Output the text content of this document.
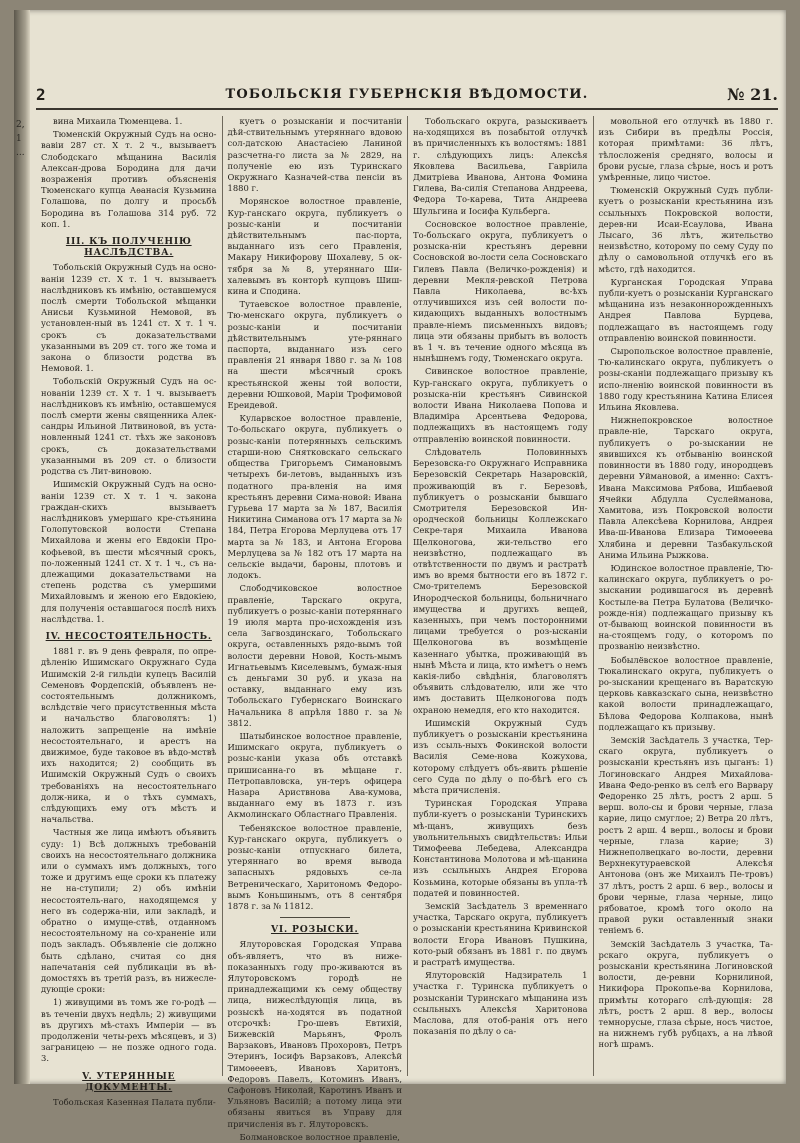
2,
1
...
2	ТОБОЛЬСКІЯ ГУБЕРНСКІЯ ВѢДОМОСТИ.	№ 21.

вина Михаила Тюменцева. 1.

Тюменскій Окружный Судъ на осно-вавіи 287 ст. Х т. 2 ч., вызываетъ Слободскаго мѣщанина Василія Алексан-дрова Бородина для дачи возраженія противъ объясненія Тюменскаго купца Аѳанасія Кузьмина Голашова, по долгу и просьбѣ Бородина въ Голашова 314 руб. 72 коп. 1.

III. КЪ ПОЛУЧЕНІЮ НАСЛѢДСТВА.

Тобольскій Окружный Судъ на осно-ваніи 1239 ст. Х т. 1 ч. вызываетъ наслѣдниковъ къ имѣнію, оставшемуся послѣ смерти Тобольской мѣщанки Анисьи Кузьминой Немовой, въ установлен-ный въ 1241 ст. Х т. 1 ч. срокъ съ доказательствами указанными въ 209 ст. того же тома и закона о близости родства въ Немовой. 1.

Тобольскій Окружный Судъ на ос-нованіи 1239 ст. Х т. 1 ч. вызываетъ наслѣдниковъ къ имѣнію, оставшемуся послѣ смерти жены священника Алек-сандры Ильиной Литвиновой, въ уста-новленный 1241 ст. тѣхъ же законовъ срокъ, съ доказательствами указанными въ 209 ст. о близости родства съ Лит-виновою.

Ишимскій Окружный Судъ на осно-ваніи 1239 ст. Х т. 1 ч. закона граждан-скихъ вызываетъ наслѣдниковъ умершаго кре-стьянина Голопутовской волости Степана Михайлова и жены его Евдокіи Про-кофьевой, въ шести мѣсячный срокъ, по-ложенный 1241 ст. Х т. 1 ч., съ на-длежащими доказательствами на степень родства съ умершими Михайловымъ и женою его Евдокіею, для полученія оставшагося послѣ нихъ наслѣдства. 1.

IV. НЕСОСТОЯТЕЛЬНОСТЬ.

1881 г. въ 9 день февраля, по опре-дѣленію Ишимскаго Окружнаго Суда Ишимскій 2-й гильдіи купецъ Василій Семеновъ Фордепскій, объявленъ не-состоятельнымъ должникомъ, вслѣдствіе чего присутственныя мѣста и начальство благоволятъ: 1) наложить запрещеніе на имѣніе несостоятельнаго, и арестъ на движимое, буде таковое въ вѣдо-мствѣ ихъ находится; 2) сообщить въ Ишимскій Окружный Судъ о своихъ требованіяхъ на несостоятельнаго долж-ника, и о тѣхъ суммахъ, слѣдующихъ ему отъ мѣстъ и начальства.

Частныя же лица имѣютъ объявить суду: 1) Всѣ должныхъ требованій своихъ на несостоятельнаго должника или о суммахъ имъ должныхъ, того тоже и другимъ еще сроки къ платежу не на-ступили; 2) объ имѣніи несостоятель-наго, находящемся у него въ содержа-ніи, или закладѣ, и обратно о имуще-ствѣ, отданномъ несостоятельному на со-храненіе или подъ закладъ. Объявленіе сіе должно быть сдѣлано, считая со дня напечатанія сей публикаціи въ вѣ-домостяхъ въ третій разъ, въ нижесле-дующіе сроки:

1) живущими въ томъ же го-родѣ — въ теченіи двухъ недѣль; 2) живущими въ другихъ мѣ-стахъ Имперіи — въ продолженіи четы-рехъ мѣсяцевъ, и 3) заграницею — не позже одного года. 3.

V. УТЕРЯННЫЕ ДОКУМЕНТЫ.

Тобольская Казенная Палата публи-

куетъ о розысканіи и посчитаніи дѣй-ствительнымъ утеряннаго вдовою сол-датскою Анастасіею Ланиной разсчетна-го листа за № 2829, на полученіе ею изъ Туринскаго Окружнаго Казначей-ства пенсіи въ 1880 г.

Морянское волостное правленіе, Кур-ганскаго округа, публикуетъ о розыс-каніи и посчитаніи дѣйствительнымъ пас-порта, выданнаго изъ сего Правленія, Макару Никифорову Шохалеву, 5 ок-тября за № 8, утеряннаго Ши-халевымъ въ конторѣ купцовъ Шиш-кина и Сподина.

Тутаевское волостное правленіе, Тю-менскаго округа, публикуетъ о розыс-каніи и посчитаніи дѣйствительнымъ уте-ряннаго паспорта, выданнаго изъ сего правленія 21 января 1880 г. за № 108 на шести мѣсячный срокъ крестьянской жены той волости, деревни Юшковой, Маріи Трофимовой Ереидевой.

Куларвское волостное правленіе, То-больскаго округа, публикуетъ о розыс-каніи потерянныхъ сельскимъ старши-ною Снятковскаго сельскаго общества Григорьемъ Симановымъ четырехъ би-летовъ, выданныхъ изъ податного пра-вленія на имя крестьянъ деревни Сима-новой: Ивана Гурьева 17 марта за № 187, Василія Никитина Симанова отъ 17 марта за № 184, Петра Егорова Мерлуцева отъ 17 марта за № 183, и Антона Егорова Мерлуцева за № 182 отъ 17 марта на сельскіе выдачи, бароны, плотовъ и лодокъ.

Слободчиковское волостное правленіе, Тарскаго округа, публикуетъ о розыс-каніи потеряннаго 19 июля марта про-исхожденія изъ села Загвоздинскаго, Тобольскаго округа, оставленныхъ рядо-вымъ той волости деревни Новой, Кость-мымъ Игнатьевымъ Киселевымъ, бумаж-ныя съ деньгами 30 руб. и указа на оставку, выданнаго ему изъ Тобольскаго Губернскаго Воинскаго Начальника 8 апрѣля 1880 г. за № 3812.

Шатыбинское волостное правленіе, Ишимскаго округа, публикуетъ о розыс-каніи указа объ отставкѣ пришисанна-го въ мѣщане г. Петропавловска, ун-теръ офицера Назара Ариствнова Ава-кумова, выданнаго ему въ 1873 г. изъ Акмолинскаго Областнаго Правленія.

Тебенякское волостное правленіе, Кур-ганскаго округа, публикуетъ о розыс-каніи отпускнаго билета, утеряннаго во время вывода запасныхъ рядовыхъ се-ла Ветреническаго, Харитономъ Федоро-вымъ Коньшинымъ, отъ 8 сентября 1878 г. за № 11812.

VI. РОЗЫСКИ.

Ялуторовская Городская Управа объ-являетъ, что въ ниже-показанныхъ году про-живаются въ Ялуторовскомъ городѣ не принадлежащими къ сему обществу лица, нижеслѣдующія лица, въ розыскѣ на-ходятся въ податной отсрочкѣ: Гро-шевъ Евтихій, Бижевскій Марьянъ, Фролъ Варзаковъ, Ивановъ Прохоровъ, Петръ Этеринъ, Іосифъ Варзаковъ, Алексѣй Тимоѳеевъ, Ивановъ Харитонъ, Федоровъ Павелъ, Котоминъ Иванъ, Сафоновъ Николай, Каротинъ Иванъ и Ульяновъ Василій; а потому лица эти обязаны явиться въ Управу для причисленія въ г. Ялуторовскъ.

Болмановское волостное правленіе,

Тобольскаго округа, разыскиваетъ на-ходящихся въ позабытой отлучкѣ въ причисленныхъ къ волостямъ: 1881 г. слѣдующихъ лицъ: Алексѣя Яковлева Васильева, Гавріила Дмитріева Иванова, Антона Фомина Гилева, Ва-силія Степанова Андреева, Федора То-карева, Тита Андреева Шульгина и Іосифа Кульберга.

Сосновское волостное правленіе, То-больскаго округа, публикуетъ о розыска-ніи крестьянъ деревни Сосновской во-лости села Сосновскаго Гилевъ Павла (Величко-рожденія) и деревни Мекля-ревской Петрова Павла Николаева, вс-ѣхъ отлучившихся изъ сей волости по-кидающихъ выданныхъ волостнымъ правле-ніемъ письменныхъ видовъ; лица эти обязаны прибыть въ волость въ 1 ч. въ течение одного мѣсяца въ нынѣшнемъ году, Тюменскаго округа.

Сивинское волостное правленіе, Кур-ганскаго округа, публикуетъ о розыска-ніи крестьянъ Сивинской волости Ивана Николаева Попова и Владиміра Арсентьева Федорова, подлежащихъ въ настоящемъ году отправленію воинской повинности.

Слѣдователь Половинныхъ Березовска-го Окружнаго Исправника Березовскій Секретарь Назаровскій, проживающій въ г. Березовѣ, публикуетъ о розысканіи бывшаго Смотрителя Березовской Ин-ородческой больницы Коллежскаго Секре-таря Михаила Иванова Щелконогова, жи-тельство его неизвѣстно, подлежащаго въ отвѣтственности по двумъ и растратѣ имъ во время бытности его въ 1872 г. Смо-трителемъ Березовской Инородческой больницы, больничнаго имущества и другихъ вещей, казенныхъ, при чемъ посторонними лицами требуется о роз-ысканіи Щелконогова въ возмѣщеніе казеннаго убытка, проживающій въ нынѣ Мѣста и лица, кто имѣетъ о немъ какія-либо свѣдѣнія, благоволятъ объявить слѣдователю, или же что имъ доставить Щелконогова подъ охраною немедля, его кто находится.

Ишимскій Окружный Судъ публикуетъ о розысканіи крестьянина изъ ссыль-ныхъ Фокинской волости Василія Семе-нова Кожухова, которому слѣдуетъ объ-явить рѣшеніе сего Суда по дѣлу о по-бѣгѣ его съ мѣста причисленія.

Туринская Городская Управа публи-куетъ о розысканіи Туринскихъ мѣ-щанъ, живущихъ безъ увольнительныхъ свидѣтельствъ: Ильи Тимофеева Лебедева, Александра Константинова Молотова и мѣ-щанина изъ ссыльныхъ Андрея Егорова Козьмина, которые обязаны въ упла-тѣ податей и повинностей.

Земскій Засѣдатель 3 временнаго участка, Тарскаго округа, публикуетъ о розысканіи крестьянина Кривинской волости Егора Ивановъ Пушкина, кото-рый обязанъ въ 1881 г. по двумъ и растратѣ имущества.

Ялуторовскій Надзиратель 1 участка г. Туринска публикуетъ о розысканіи Туринскаго мѣщанина изъ ссыльныхъ Алексѣя Харитонова Маслова, для отоб-ранія отъ него показанія по дѣлу о са-

мовольной его отлучкѣ въ 1880 г. изъ Сибири въ предѣлы Россія, которая примѣтами: 36 лѣтъ, тѣлосложенія средняго, волосы и брови русые, глаза сѣрые, носъ и ротъ умѣренные, лицо чистое.

Тюменскій Окружный Судъ публи-куетъ о розысканіи крестьянина изъ ссыльныхъ Покровской волости, дерев-ни Исаи-Есаулова, Ивана Лысаго, 36 лѣтъ, жительство неизвѣстно, которому по сему Суду по дѣлу о самовольной отлучкѣ его въ мѣсто, гдѣ находится.

Курганская Городская Управа публи-куетъ о розысканіи Курганскаго мѣщанина изъ незаконнорожденныхъ Андрея Павлова Бурцева, подлежащаго въ настоящемъ году отправленію воинской повинности.

Сыропольское волостное правленіе, Тю-калинскаго округа, публикуетъ о розы-сканіи подлежащаго призыву къ испо-лненію воинской повинности въ 1880 году крестьянина Катина Елисея Ильина Яковлева.

Нижнепокровское волостное правле-ніе, Тарскаго округа, публикуетъ о ро-зыскании не явившихся къ отбыванію воинской повинности въ 1880 году, инородцевъ деревни Уймановой, а именно: Сахтъ-Ивана Максимова Рябова, Ишбаевой Ячейки Абдулла Суслейманова, Хамитова, изъ Покровской волости Павла Алексѣева Корнилова, Андрея Ива-ш-Иванова Елизара Тимоѳеева Хлябина и деревни Тазбакульской Анима Ильина Рыжкова.

Юдинское волостное правленіе, Тю-калинскаго округа, публикуетъ о ро-зыскании родившагося въ деревнѣ Костыле-ва Петра Булатова (Величко-рожде-нія) подлежащаго призыву къ от-бывающ воинской повинности въ на-стоящемъ году, о которомъ по прозванію неизвѣстно.

Бобылёвское волостное правленіе, Тюкалинскаго округа, публикуетъ о ро-зыскании крещенаго въ Варатскую церковь кавказскаго сына, неизвѣстно какой волости принадлежащаго, Бѣлова Федорова Колпакова, нынѣ подлежащаго къ призыву.

Земскій Засѣдатель 3 участка, Тер-скаго округа, публикуетъ о розысканіи крестьянъ изъ цыганъ: 1) Логиновскаго Андрея Михайлова-Ивана Федо-ренко въ селѣ его Варвару Федоренко 25 лѣтъ, ростъ 2 арш. 5 верш. воло-сы и брови черные, глаза карие, лицо смуглое; 2) Ветра 20 лѣтъ, ростъ 2 арш. 4 верш., волосы и брови черные, глаза карие; 3) Нижнеполвецкаго во-лости, деревни Верхнекутураевской Алексѣя Антонова (онъ же Михаилъ Пе-тровъ) 37 лѣтъ, ростъ 2 арш. 6 вер., волосы и брови черные, глаза черные, лицо рябоватое, кромѣ того около на правой руки оставленный знаки теніемъ 6.

Земскій Засѣдатель 3 участка, Та-рскаго округа, публикуетъ о розысканіи крестьянина Логиновской волости, де-ревни Корнилиной, Никифора Прокопье-ва Корнилова, примѣты котораго слѣ-дующія: 28 лѣтъ, ростъ 2 арш. 8 вер., волосы темнорусые, глаза сѣрые, носъ чистое, на нижнемъ губѣ рубцахъ, а на лѣвой ногѣ шрамъ.
